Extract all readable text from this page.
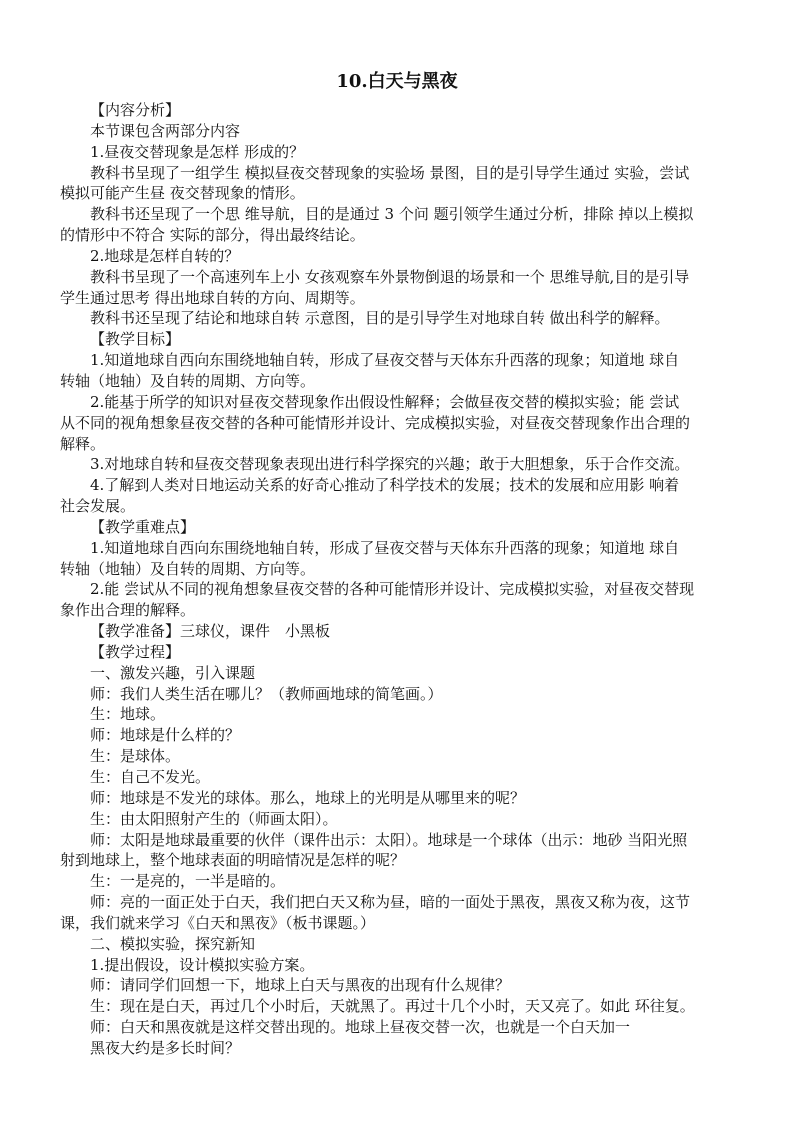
10.白天与黑夜
【内容分析】
本节课包含两部分内容
1.昼夜交替现象是怎样 形成的？
教科书呈现了一组学生 模拟昼夜交替现象的实验场 景图，目的是引导学生通过 实验，尝试
模拟可能产生昼 夜交替现象的情形。
教科书还呈现了一个思 维导航，目的是通过 3 个问 题引领学生通过分析，排除 掉以上模拟
的情形中不符合 实际的部分，得出最终结论。
2.地球是怎样自转的？
教科书呈现了一个高速列车上小 女孩观察车外景物倒退的场景和一个 思维导航,目的是引导
学生通过思考 得出地球自转的方向、周期等。
教科书还呈现了结论和地球自转 示意图，目的是引导学生对地球自转 做出科学的解释。
【教学目标】
1.知道地球自西向东围绕地轴自转，形成了昼夜交替与天体东升西落的现象；知道地 球自
转轴（地轴）及自转的周期、方向等。
2.能基于所学的知识对昼夜交替现象作出假设性解释；会做昼夜交替的模拟实验；能 尝试
从不同的视角想象昼夜交替的各种可能情形并设计、完成模拟实验，对昼夜交替现象作出合理的
解释。
3.对地球自转和昼夜交替现象表现出进行科学探究的兴趣；敢于大胆想象，乐于合作交流。
4.了解到人类对日地运动关系的好奇心推动了科学技术的发展；技术的发展和应用影 响着
社会发展。
【教学重难点】
1.知道地球自西向东围绕地轴自转，形成了昼夜交替与天体东升西落的现象；知道地 球自
转轴（地轴）及自转的周期、方向等。
2.能 尝试从不同的视角想象昼夜交替的各种可能情形并设计、完成模拟实验，对昼夜交替现
象作出合理的解释。
【教学准备】三球仪，课件　小黑板
【教学过程】
一、激发兴趣，引入课题
师：我们人类生活在哪儿？（教师画地球的简笔画。）
生：地球。
师：地球是什么样的？
生：是球体。
生：自己不发光。
师：地球是不发光的球体。那么，地球上的光明是从哪里来的呢？
生：由太阳照射产生的（师画太阳）。
师：太阳是地球最重要的伙伴（课件出示：太阳）。地球是一个球体（出示：地砂 当阳光照
射到地球上，整个地球表面的明暗情况是怎样的呢？
生：一是亮的，一半是暗的。
师：亮的一面正处于白天，我们把白天又称为昼，暗的一面处于黑夜，黑夜又称为夜，这节
课，我们就来学习《白天和黑夜》（板书课题。）
二、模拟实验，探究新知
1.提出假设，设计模拟实验方案。
师：请同学们回想一下，地球上白天与黑夜的出现有什么规律？
生：现在是白天，再过几个小时后，天就黑了。再过十几个小时，天又亮了。如此 环往复。
师：白天和黑夜就是这样交替出现的。地球上昼夜交替一次，也就是一个白天加一
黑夜大约是多长时间？
